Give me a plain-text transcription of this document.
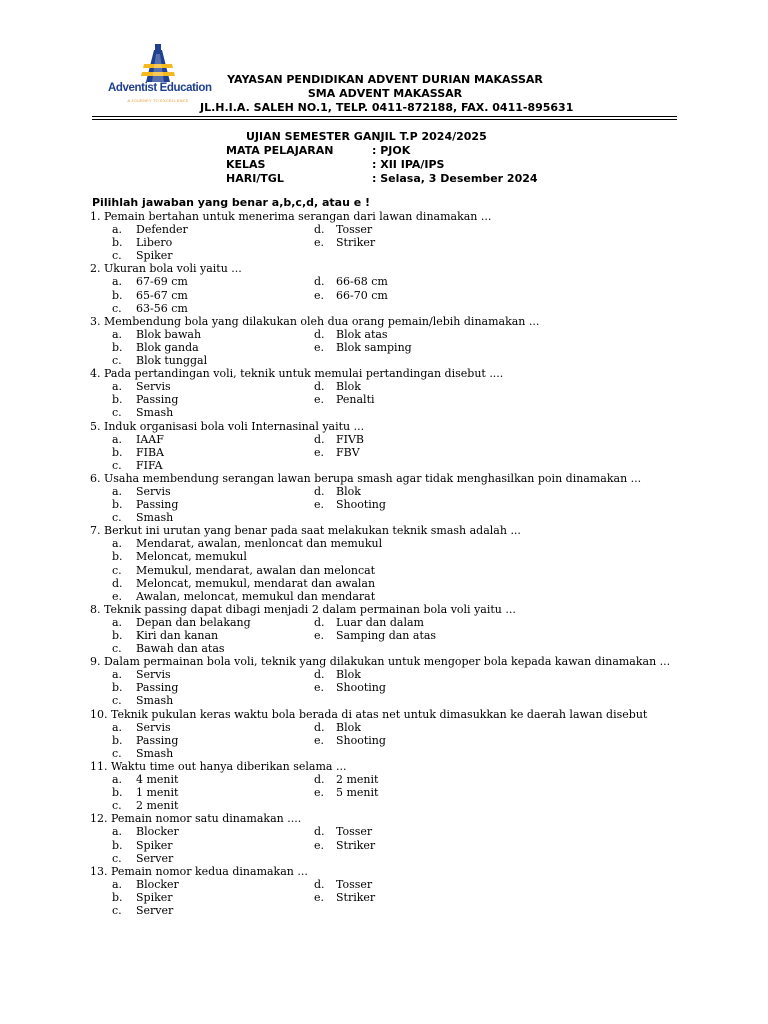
Adventist Education
A JOURNEY TO EXCELLENCE
YAYASAN PENDIDIKAN ADVENT DURIAN MAKASSAR
SMA ADVENT MAKASSAR
JL.H.I.A. SALEH NO.1, TELP. 0411-872188, FAX. 0411-895631
UJIAN SEMESTER GANJIL T.P 2024/2025
MATA PELAJARAN	: PJOK
KELAS	: XII IPA/IPS
HARI/TGL	: Selasa, 3 Desember 2024
Pilihlah jawaban yang benar a,b,c,d, atau e !
1. Pemain bertahan untuk menerima serangan dari lawan dinamakan ...
a. Defender	d. Tosser
b. Libero	e. Striker
c. Spiker
2. Ukuran bola voli yaitu ...
a. 67-69 cm	d. 66-68 cm
b. 65-67 cm	e. 66-70 cm
c. 63-56 cm
3. Membendung bola yang dilakukan oleh dua orang pemain/lebih dinamakan ...
a. Blok bawah	d. Blok atas
b. Blok ganda	e. Blok samping
c. Blok tunggal
4. Pada pertandingan voli, teknik untuk memulai pertandingan disebut ....
a. Servis	d. Blok
b. Passing	e. Penalti
c. Smash
5. Induk organisasi bola voli Internasinal yaitu ...
a. IAAF	d. FIVB
b. FIBA	e. FBV
c. FIFA
6. Usaha membendung serangan lawan berupa smash agar tidak menghasilkan poin dinamakan ...
a. Servis	d. Blok
b. Passing	e. Shooting
c. Smash
7. Berkut ini urutan yang benar pada saat melakukan teknik smash adalah ...
a. Mendarat, awalan, menloncat dan memukul
b. Meloncat, memukul
c. Memukul, mendarat, awalan dan meloncat
d. Meloncat, memukul, mendarat dan awalan
e. Awalan, meloncat, memukul dan mendarat
8. Teknik passing dapat dibagi menjadi 2 dalam permainan bola voli yaitu ...
a. Depan dan belakang	d. Luar dan dalam
b. Kiri dan kanan	e. Samping dan atas
c. Bawah dan atas
9. Dalam permainan bola voli, teknik yang dilakukan untuk mengoper bola kepada kawan dinamakan ...
a. Servis	d. Blok
b. Passing	e. Shooting
c. Smash
10. Teknik pukulan keras waktu bola berada di atas net untuk dimasukkan ke daerah lawan disebut
a. Servis	d. Blok
b. Passing	e. Shooting
c. Smash
11. Waktu time out hanya diberikan selama ...
a. 4 menit	d. 2 menit
b. 1 menit	e. 5 menit
c. 2 menit
12. Pemain nomor satu dinamakan ....
a. Blocker	d. Tosser
b. Spiker	e. Striker
c. Server
13. Pemain nomor kedua dinamakan ...
a. Blocker	d. Tosser
b. Spiker	e. Striker
c. Server
